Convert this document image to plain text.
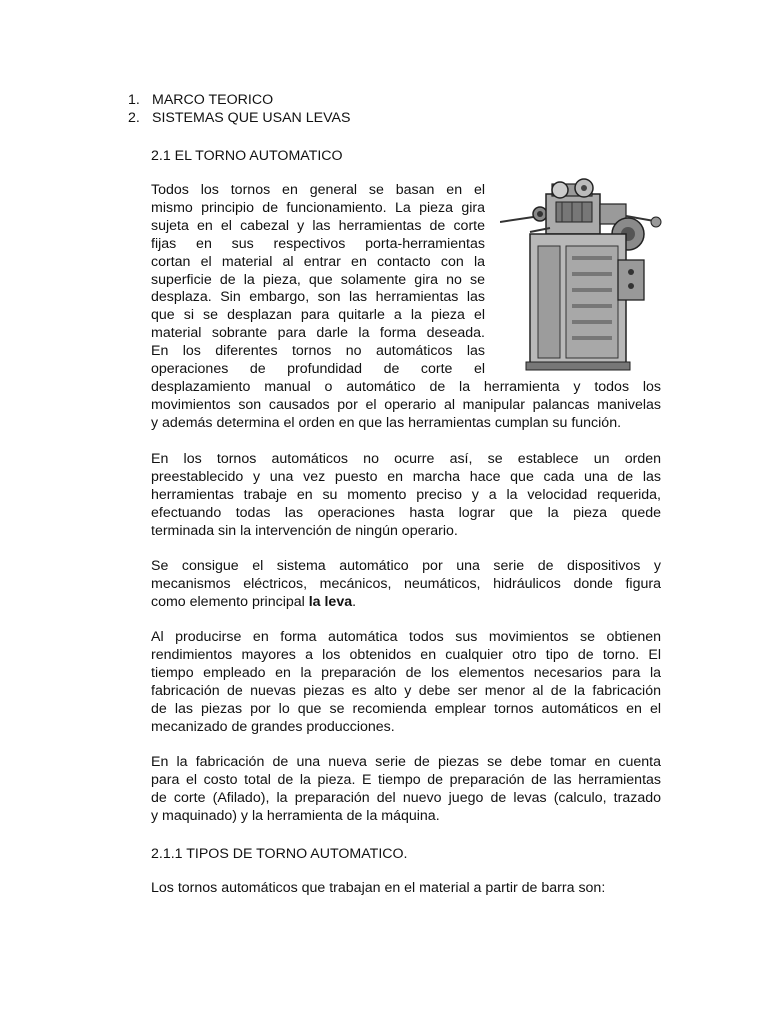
1. MARCO TEORICO
2. SISTEMAS QUE USAN LEVAS
2.1 EL TORNO AUTOMATICO
Todos los tornos en general se basan en el
mismo principio de funcionamiento. La pieza gira
sujeta en el cabezal y las herramientas de corte
fijas en sus respectivos porta-herramientas
cortan el material al entrar en contacto con la
superficie de la pieza, que solamente gira no se
desplaza. Sin embargo, son las herramientas las
que si se desplazan para quitarle a la pieza el
material sobrante para darle la forma deseada.
En los diferentes tornos no automáticos las
operaciones de profundidad de corte el
desplazamiento manual o automático de la herramienta y todos los
movimientos son causados por el operario al manipular palancas manivelas
y además determina el orden en que las herramientas cumplan su función.
En los tornos automáticos no ocurre así, se establece un orden
preestablecido y una vez puesto en marcha hace que cada una de las
herramientas trabaje en su momento preciso y a la velocidad requerida,
efectuando todas las operaciones hasta lograr que la pieza quede
terminada sin la intervención de ningún operario.
Se consigue el sistema automático por una serie de dispositivos y
mecanismos eléctricos, mecánicos, neumáticos, hidráulicos donde figura
como elemento principal la leva.
Al producirse en forma automática todos sus movimientos se obtienen
rendimientos mayores a los obtenidos en cualquier otro tipo de torno. El
tiempo empleado en la preparación de los elementos necesarios para la
fabricación de nuevas piezas es alto y debe ser menor al de la fabricación
de las piezas por lo que se recomienda emplear tornos automáticos en el
mecanizado de grandes producciones.
En la fabricación de una nueva serie de piezas se debe tomar en cuenta
para el costo total de la pieza. E tiempo de preparación de las herramientas
de corte (Afilado), la preparación del nuevo juego de levas (calculo, trazado
y maquinado) y la herramienta de la máquina.
2.1.1 TIPOS DE TORNO AUTOMATICO.
Los tornos automáticos que trabajan en el material a partir de barra son:
